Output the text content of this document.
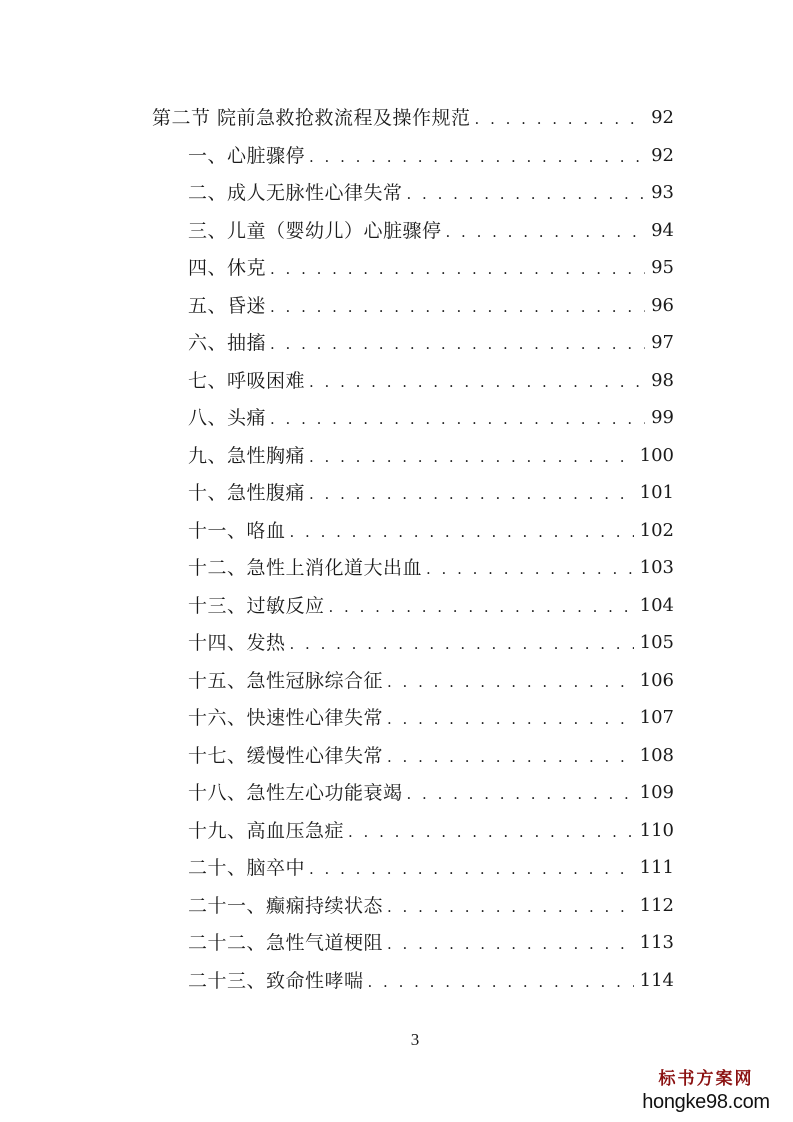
第二节 院前急救抢救流程及操作规范 . . .	92
一、心脏骤停 . . .	92
二、成人无脉性心律失常 . . .	93
三、儿童（婴幼儿）心脏骤停 . . .	94
四、休克 . . .	95
五、昏迷 . . .	96
六、抽搐 . . .	97
七、呼吸困难 . . .	98
八、头痛 . . .	99
九、急性胸痛 . . .	100
十、急性腹痛 . . .	101
十一、咯血 . . .	102
十二、急性上消化道大出血 . . .	103
十三、过敏反应 . . .	104
十四、发热 . . .	105
十五、急性冠脉综合征 . . .	106
十六、快速性心律失常 . . .	107
十七、缓慢性心律失常 . . .	108
十八、急性左心功能衰竭 . . .	109
十九、高血压急症 . . .	110
二十、脑卒中 . . .	111
二十一、癫痫持续状态 . . .	112
二十二、急性气道梗阻 . . .	113
二十三、致命性哮喘 . . .	114
3
标书方案网
hongke98.com
